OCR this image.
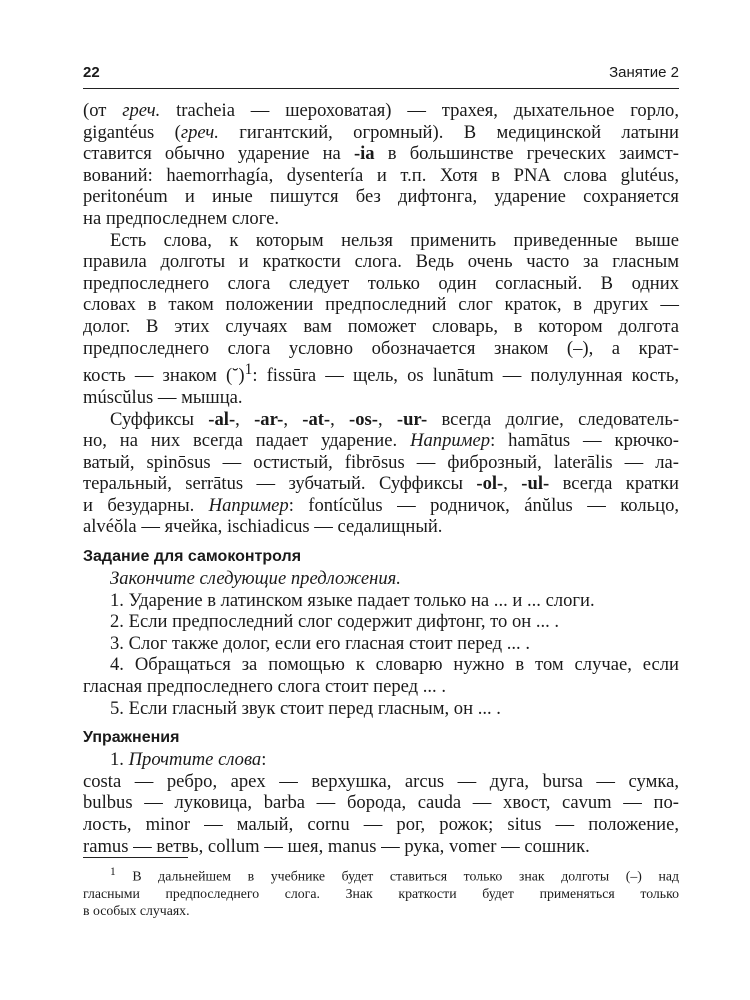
22	Занятие 2
(от греч. tracheia — шероховатая) — трахея, дыхательное горло,
gigantéus (греч. гигантский, огромный). В медицинской латыни
ставится обычно ударение на -ia в большинстве греческих заимст-
вований: haemorrhagía, dysentería и т.п. Хотя в PNA слова glutéus,
peritonéum и иные пишутся без дифтонга, ударение сохраняется
на предпоследнем слоге.
Есть слова, к которым нельзя применить приведенные выше
правила долготы и краткости слога. Ведь очень часто за гласным
предпоследнего слога следует только один согласный. В одних
словах в таком положении предпоследний слог краток, в других —
долог. В этих случаях вам поможет словарь, в котором долгота
предпоследнего слога условно обозначается знаком (–), а крат-
кость — знаком (˘)$^1$: fissūra — щель, os lunātum — полулунная кость,
múscŭlus — мышца.
Суффиксы -al-, -ar-, -at-, -os-, -ur- всегда долгие, следователь-
но, на них всегда падает ударение. Например: hamātus — крючко-
ватый, spinōsus — остистый, fibrōsus — фиброзный, laterālis — ла-
теральный, serrātus — зубчатый. Суффиксы -ol-, -ul- всегда кратки
и безударны. Например: fontícŭlus — родничок, ánŭlus — кольцо,
alvéŏla — ячейка, ischiadicus — седалищный.
Задание для самоконтроля
Закончите следующие предложения.
1. Ударение в латинском языке падает только на ... и ... слоги.
2. Если предпоследний слог содержит дифтонг, то он ... .
3. Слог также долог, если его гласная стоит перед ... .
4. Обращаться за помощью к словарю нужно в том случае, если
гласная предпоследнего слога стоит перед ... .
5. Если гласный звук стоит перед гласным, он ... .
Упражнения
1. Прочтите слова:
costa — ребро, apex — верхушка, arcus — дуга, bursa — сумка,
bulbus — луковица, barba — борода, cauda — хвост, cavum — по-
лость, minor — малый, cornu — рог, рожок; situs — положение,
ramus — ветвь, collum — шея, manus — рука, vomer — сошник.
$^1$ В дальнейшем в учебнике будет ставиться только знак долготы (–) над
гласными предпоследнего слога. Знак краткости будет применяться только
в особых случаях.
